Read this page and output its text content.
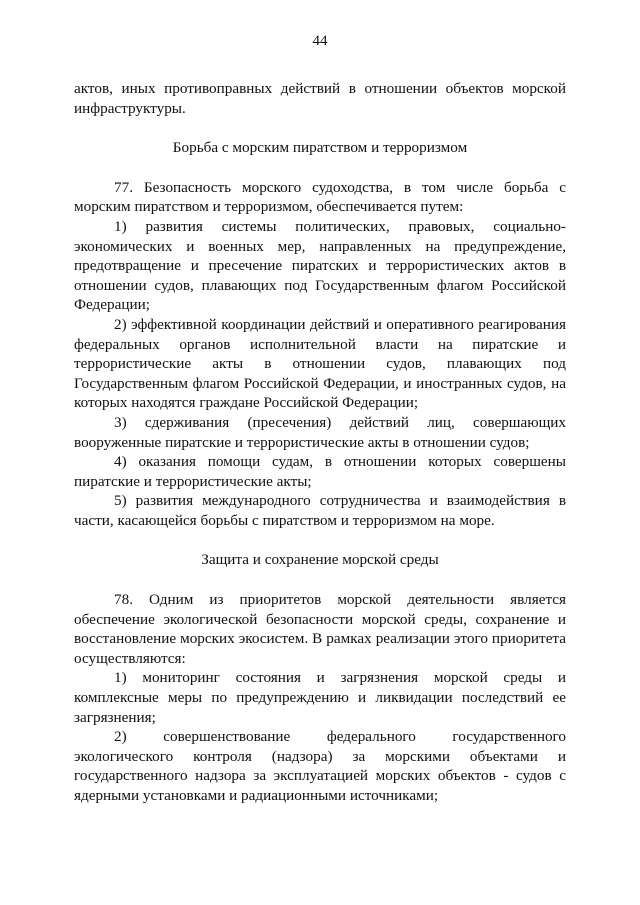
44

актов, иных противоправных действий в отношении объектов морской инфраструктуры.

Борьба с морским пиратством и терроризмом

77. Безопасность морского судоходства, в том числе борьба с морским пиратством и терроризмом, обеспечивается путем:

1) развития системы политических, правовых, социально-экономических и военных мер, направленных на предупреждение, предотвращение и пресечение пиратских и террористических актов в отношении судов, плавающих под Государственным флагом Российской Федерации;

2) эффективной координации действий и оперативного реагирования федеральных органов исполнительной власти на пиратские и террористические акты в отношении судов, плавающих под Государственным флагом Российской Федерации, и иностранных судов, на которых находятся граждане Российской Федерации;

3) сдерживания (пресечения) действий лиц, совершающих вооруженные пиратские и террористические акты в отношении судов;

4) оказания помощи судам, в отношении которых совершены пиратские и террористические акты;

5) развития международного сотрудничества и взаимодействия в части, касающейся борьбы с пиратством и терроризмом на море.

Защита и сохранение морской среды

78. Одним из приоритетов морской деятельности является обеспечение экологической безопасности морской среды, сохранение и восстановление морских экосистем. В рамках реализации этого приоритета осуществляются:

1) мониторинг состояния и загрязнения морской среды и комплексные меры по предупреждению и ликвидации последствий ее загрязнения;

2) совершенствование федерального государственного экологического контроля (надзора) за морскими объектами и государственного надзора за эксплуатацией морских объектов - судов с ядерными установками и радиационными источниками;
